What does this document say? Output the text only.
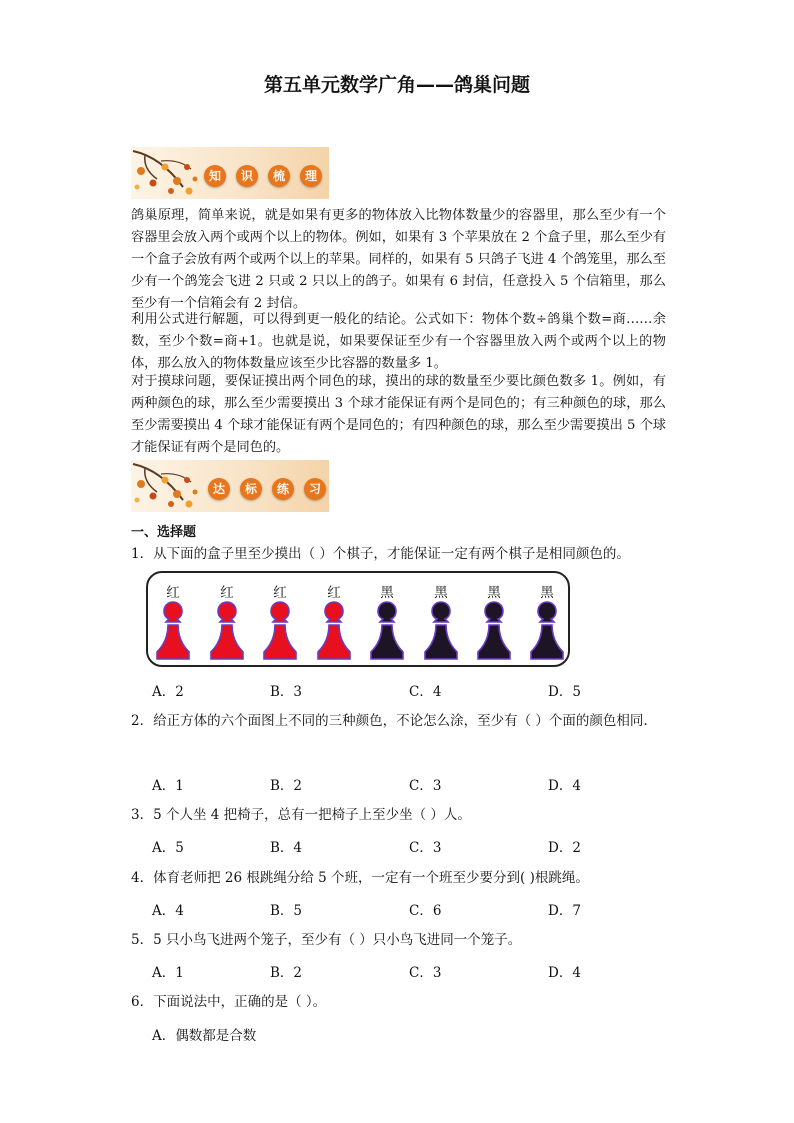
第五单元数学广角——鸽巢问题
知	识	梳	理

鸽巢原理，简单来说，就是如果有更多的物体放入比物体数量少的容器里，那么至少有一个容器里会放入两个或两个以上的物体。例如，如果有 3 个苹果放在 2 个盒子里，那么至少有一个盒子会放有两个或两个以上的苹果。同样的，如果有 5 只鸽子飞进 4 个鸽笼里，那么至少有一个鸽笼会飞进 2 只或 2 只以上的鸽子。如果有 6 封信，任意投入 5 个信箱里，那么至少有一个信箱会有 2 封信。

利用公式进行解题，可以得到更一般化的结论。公式如下：物体个数÷鸽巢个数=商……余数，至少个数=商+1。也就是说，如果要保证至少有一个容器里放入两个或两个以上的物体，那么放入的物体数量应该至少比容器的数量多 1。

对于摸球问题，要保证摸出两个同色的球，摸出的球的数量至少要比颜色数多 1。例如，有两种颜色的球，那么至少需要摸出 3 个球才能保证有两个是同色的；有三种颜色的球，那么至少需要摸出 4 个球才能保证有两个是同色的；有四种颜色的球，那么至少需要摸出 5 个球才能保证有两个是同色的。

达	标	练	习
一、选择题

1．从下面的盒子里至少摸出（ ）个棋子，才能保证一定有两个棋子是相同颜色的。

红	红	红	红	黑	黑	黑	黑
A．2	B．3	C．4	D．5

2．给正方体的六个面图上不同的三种颜色，不论怎么涂，至少有（ ）个面的颜色相同.

A．1	B．2	C．3	D．4

3．5 个人坐 4 把椅子，总有一把椅子上至少坐（ ）人。

A．5	B．4	C．3	D．2

4．体育老师把 26 根跳绳分给 5 个班，一定有一个班至少要分到( )根跳绳。

A．4	B．5	C．6	D．7

5．5 只小鸟飞进两个笼子，至少有（ ）只小鸟飞进同一个笼子。

A．1	B．2	C．3	D．4

6．下面说法中，正确的是（ ）。

A．偶数都是合数
